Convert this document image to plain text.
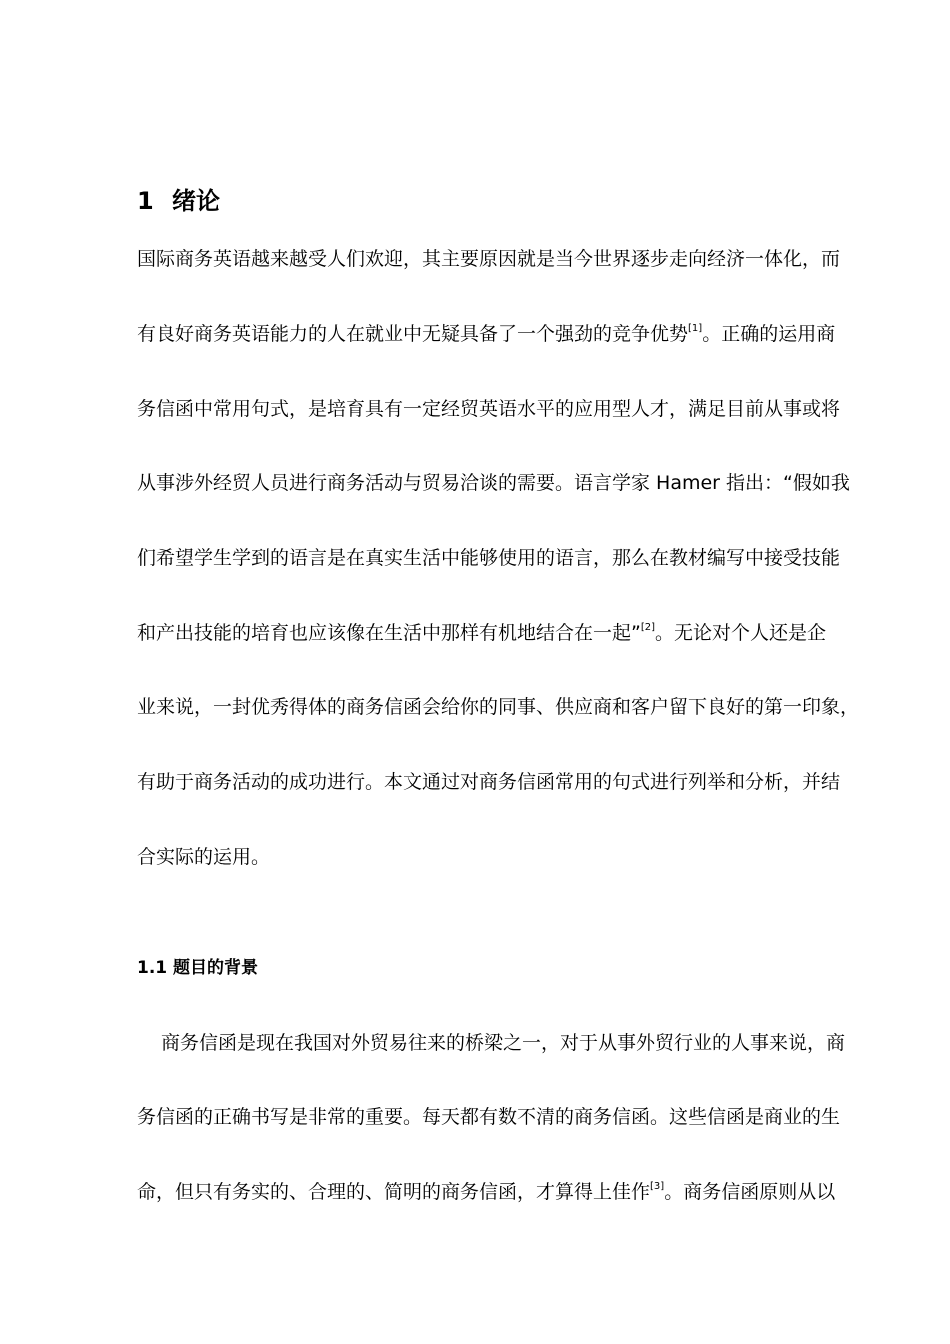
1 绪论
国际商务英语越来越受人们欢迎，其主要原因就是当今世界逐步走向经济一体化，而
有良好商务英语能力的人在就业中无疑具备了一个强劲的竞争优势[1]。正确的运用商
务信函中常用句式，是培育具有一定经贸英语水平的应用型人才，满足目前从事或将
从事涉外经贸人员进行商务活动与贸易洽谈的需要。语言学家 Hamer 指出：“假如我
们希望学生学到的语言是在真实生活中能够使用的语言，那么在教材编写中接受技能
和产出技能的培育也应该像在生活中那样有机地结合在一起”[2]。无论对个人还是企
业来说，一封优秀得体的商务信函会给你的同事、供应商和客户留下良好的第一印象，
有助于商务活动的成功进行。本文通过对商务信函常用的句式进行列举和分析，并结
合实际的运用。
1.1 题目的背景
商务信函是现在我国对外贸易往来的桥梁之一，对于从事外贸行业的人事来说，商
务信函的正确书写是非常的重要。每天都有数不清的商务信函。这些信函是商业的生
命，但只有务实的、合理的、简明的商务信函，才算得上佳作[3]。商务信函原则从以
